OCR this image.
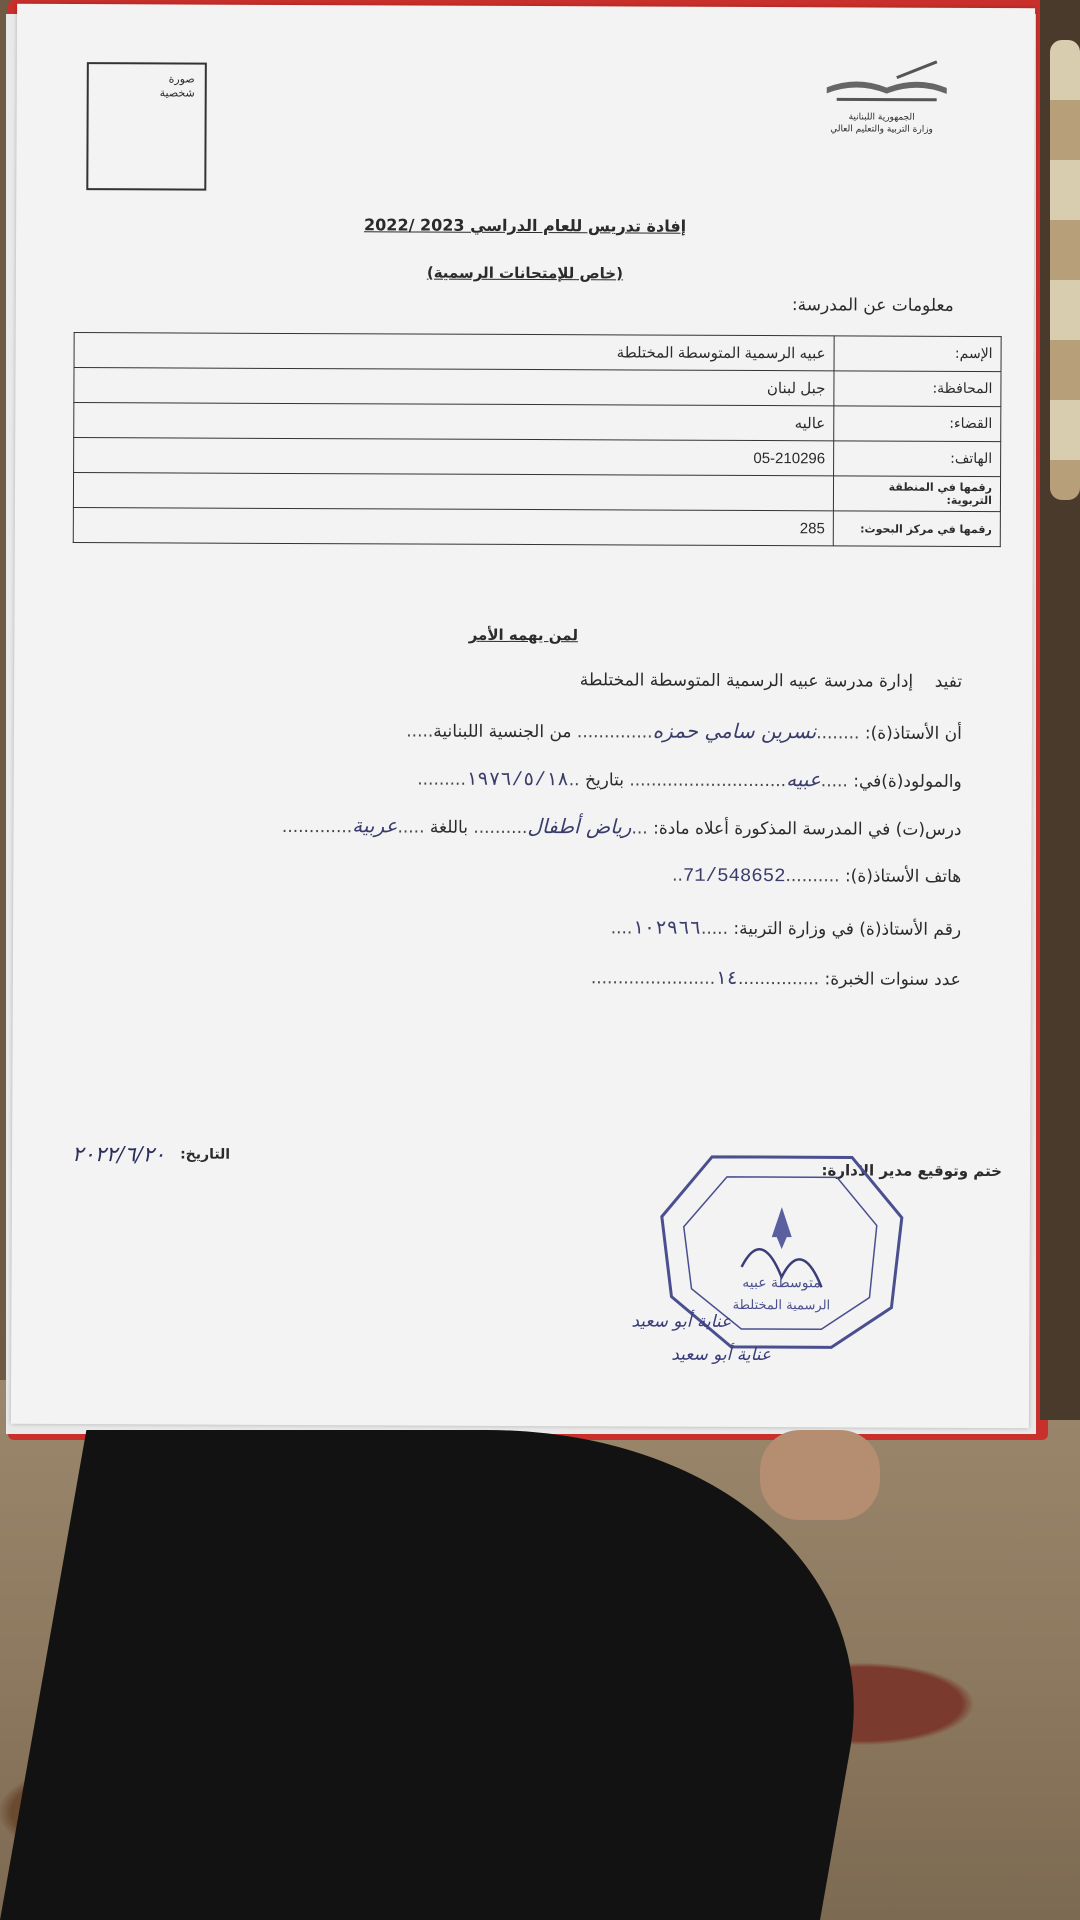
صورة
شخصية
الجمهورية اللبنانية
وزارة التربية والتعليم العالي
إفادة تدريس للعام الدراسي 2023 /2022
(خاص للإمتحانات الرسمية)
معلومات عن المدرسة:
الإسم:	عبيه الرسمية المتوسطة المختلطة
المحافظة:	جبل لبنان
القضاء:	عاليه
الهاتف:	05-210296
رقمها في المنطقة التربوية:	
رقمها في مركز البحوث:	285
لمن يهمه الأمر
تفيد    إدارة مدرسة عبيه الرسمية المتوسطة المختلطة
أن الأستاذ(ة): ........نسرين سامي حمزه.............. من الجنسية اللبنانية.....
والمولود(ة)في: .....عبيه............................. بتاريخ ..١٩٧٦/٥/١٨.........
درس(ت) في المدرسة المذكورة أعلاه مادة: ...رياض أطفال.......... باللغة .....عربية.............
هاتف الأستاذ(ة): ..........71/548652..
رقم الأستاذ(ة) في وزارة التربية: .....١٠٢٩٦٦....
عدد سنوات الخبرة: ...............١٤.......................
التاريخ:
٢٠٢٢/٦/٢٠
ختم وتوقيع مدير الادارة:
متوسطة عبيه
الرسمية المختلطة
عناية أبو سعيد
عناية أبو سعيد
